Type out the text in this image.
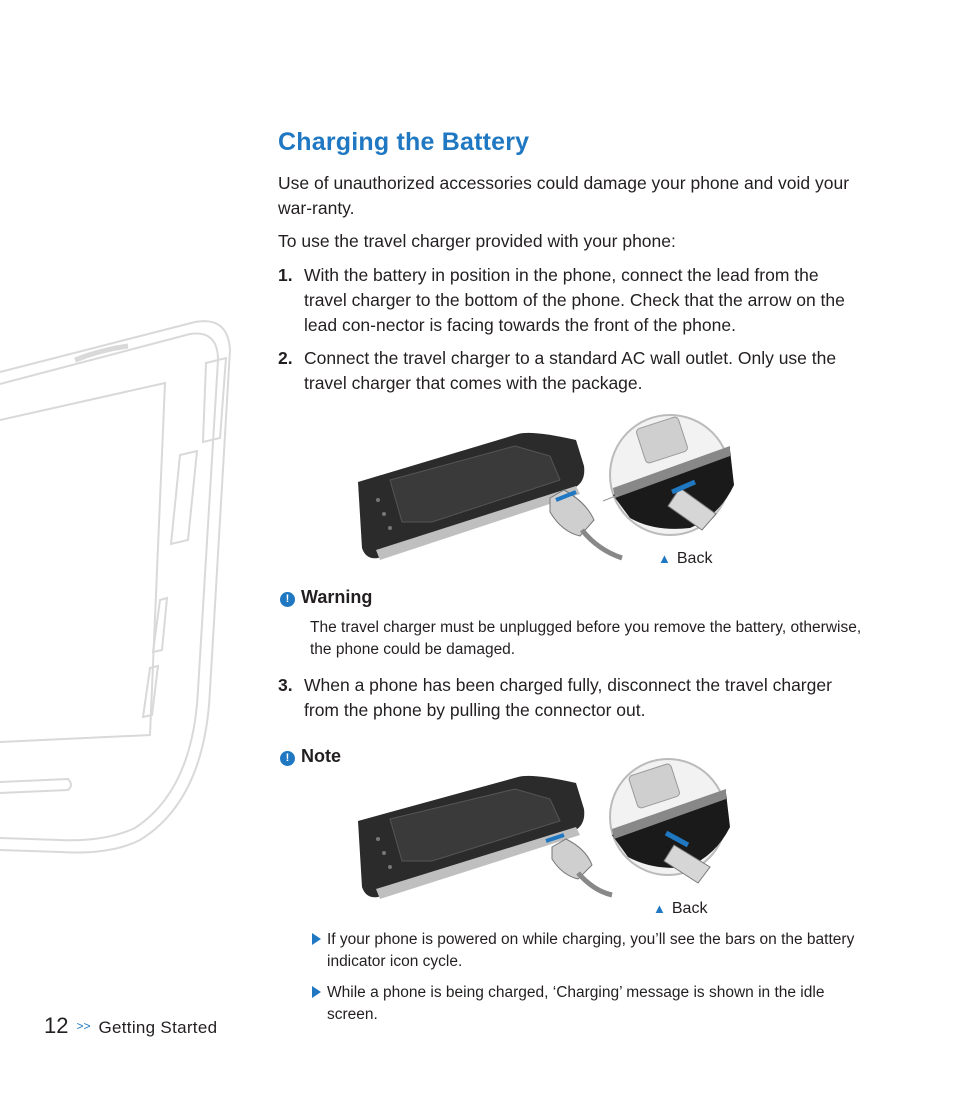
Charging the Battery
Use of unauthorized accessories could damage your phone and void your war-ranty.
To use the travel charger provided with your phone:
1. With the battery in position in the phone, connect the lead from the travel charger to the bottom of the phone. Check that the arrow on the lead con-nector is facing towards the front of the phone.
2. Connect the travel charger to a standard AC wall outlet. Only use the travel charger that comes with the package.
▲ Back
! Warning
The travel charger must be unplugged before you remove the battery, otherwise, the phone could be damaged.
3. When a phone has been charged fully, disconnect the travel charger from the phone by pulling the connector out.
! Note
▲ Back
If your phone is powered on while charging, you’ll see the bars on the battery indicator icon cycle.
While a phone is being charged, ‘Charging’ message is shown in the idle screen.
12 >> Getting Started
